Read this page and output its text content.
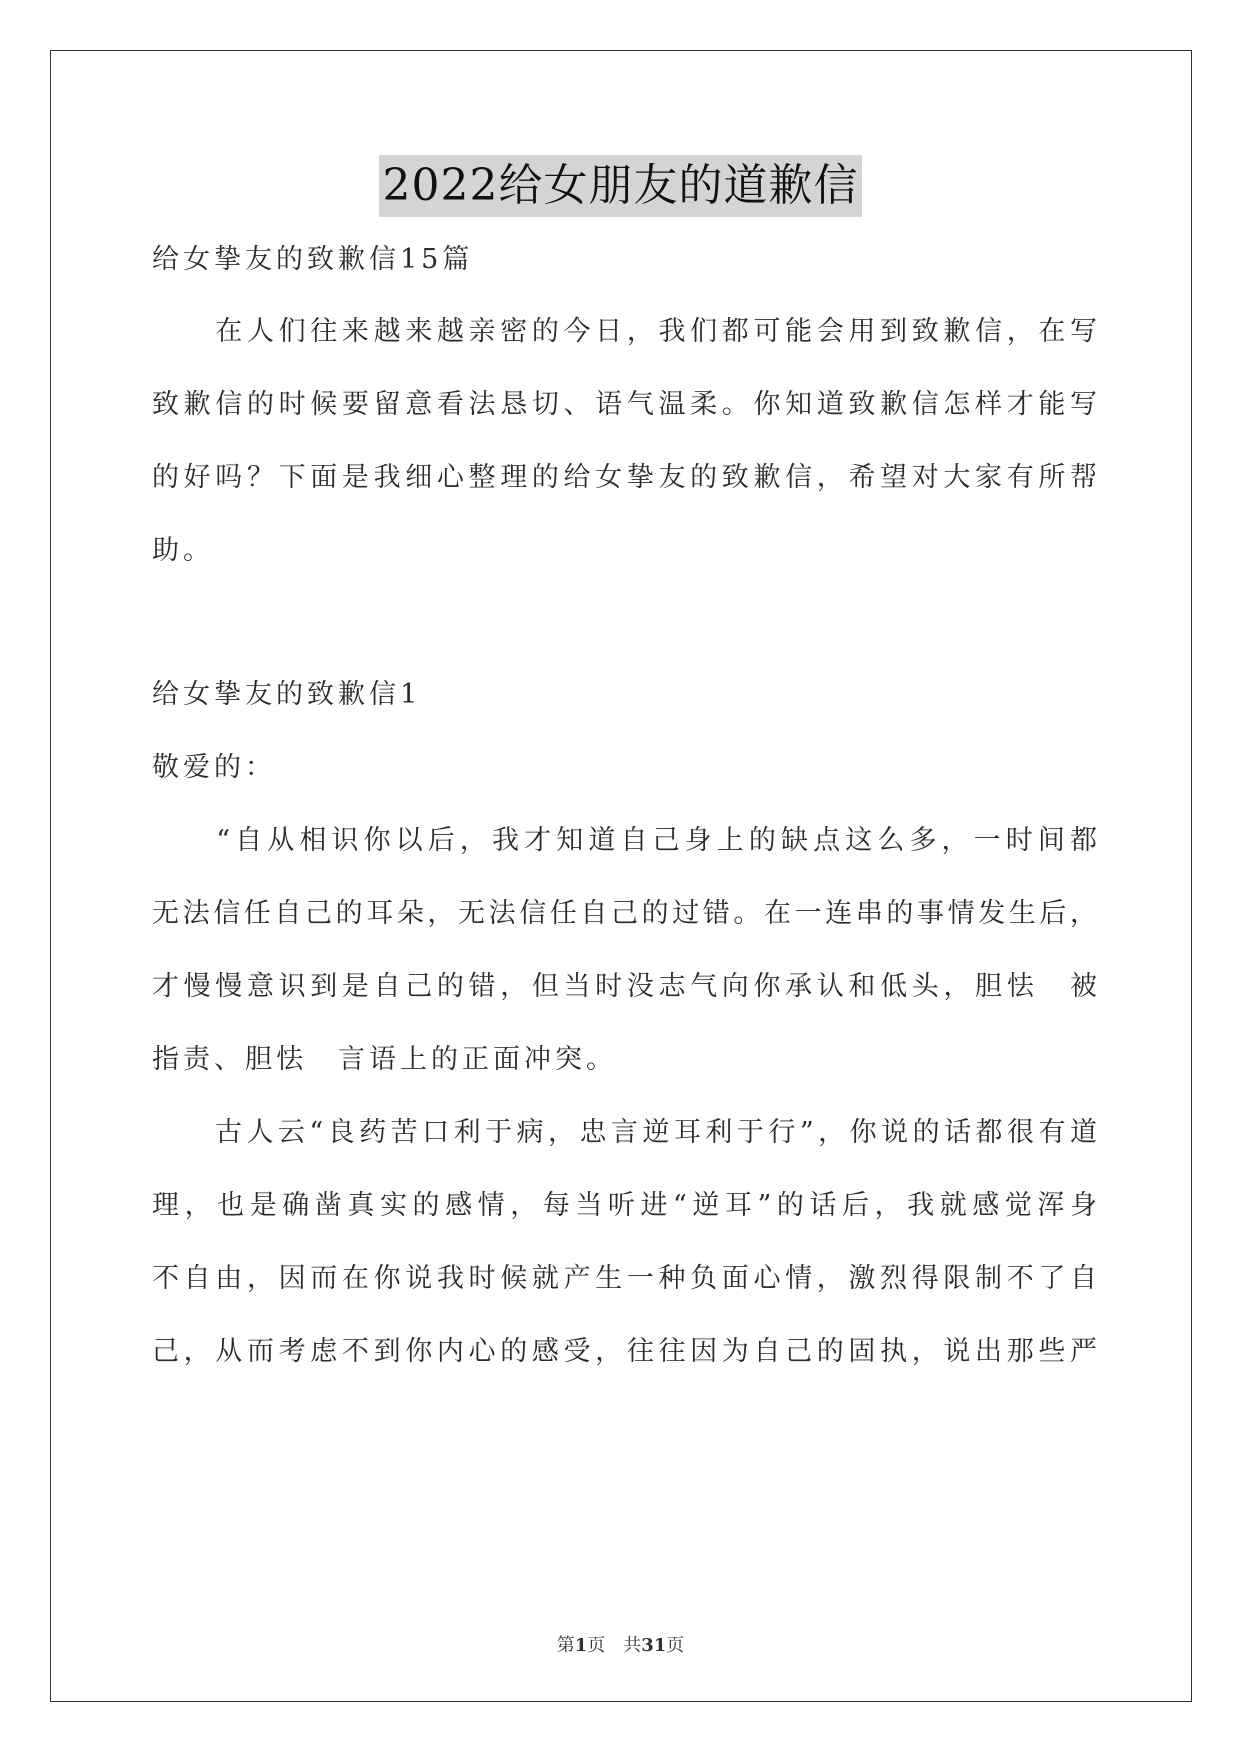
2022给女朋友的道歉信
给女挚友的致歉信15篇
　　在人们往来越来越亲密的今日，我们都可能会用到致歉信，在写
致歉信的时候要留意看法恳切、语气温柔。你知道致歉信怎样才能写
的好吗？下面是我细心整理的给女挚友的致歉信，希望对大家有所帮
助。
给女挚友的致歉信1
敬爱的：
　　“自从相识你以后，我才知道自己身上的缺点这么多，一时间都
无法信任自己的耳朵，无法信任自己的过错。在一连串的事情发生后，
才慢慢意识到是自己的错，但当时没志气向你承认和低头，胆怯　被
指责、胆怯　言语上的正面冲突。
　　古人云“良药苦口利于病，忠言逆耳利于行”，你说的话都很有道
理，也是确凿真实的感情，每当听进“逆耳”的话后，我就感觉浑身
不自由，因而在你说我时候就产生一种负面心情，激烈得限制不了自
己，从而考虑不到你内心的感受，往往因为自己的固执，说出那些严
第1页　共31页
